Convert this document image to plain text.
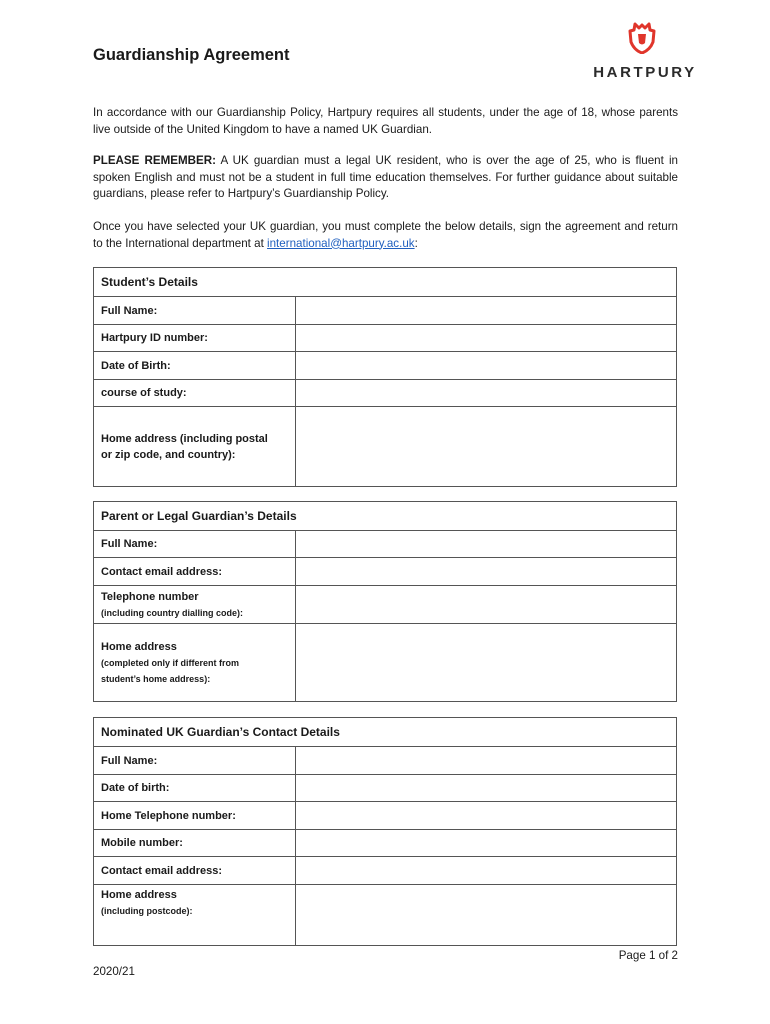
Guardianship Agreement
HARTPURY
In accordance with our Guardianship Policy, Hartpury requires all students, under the age of 18, whose parents live outside of the United Kingdom to have a named UK Guardian.
PLEASE REMEMBER: A UK guardian must a legal UK resident, who is over the age of 25, who is fluent in spoken English and must not be a student in full time education themselves. For further guidance about suitable guardians, please refer to Hartpury’s Guardianship Policy.
Once you have selected your UK guardian, you must complete the below details, sign the agreement and return to the International department at international@hartpury.ac.uk:
Student’s Details	
Full Name:	
Hartpury ID number:	
Date of Birth:	
course of study:	
Home address (including postal
or zip code, and country):	
Parent or Legal Guardian’s Details	
Full Name:	
Contact email address:	
Telephone number
(including country dialling code):

Home address
(completed only if different from
student’s home address):

Nominated UK Guardian’s Contact Details	
Full Name:	
Date of birth:	
Home Telephone number:	
Mobile number:	
Contact email address:	
Home address
(including postcode):

Page 1 of 2
2020/21
